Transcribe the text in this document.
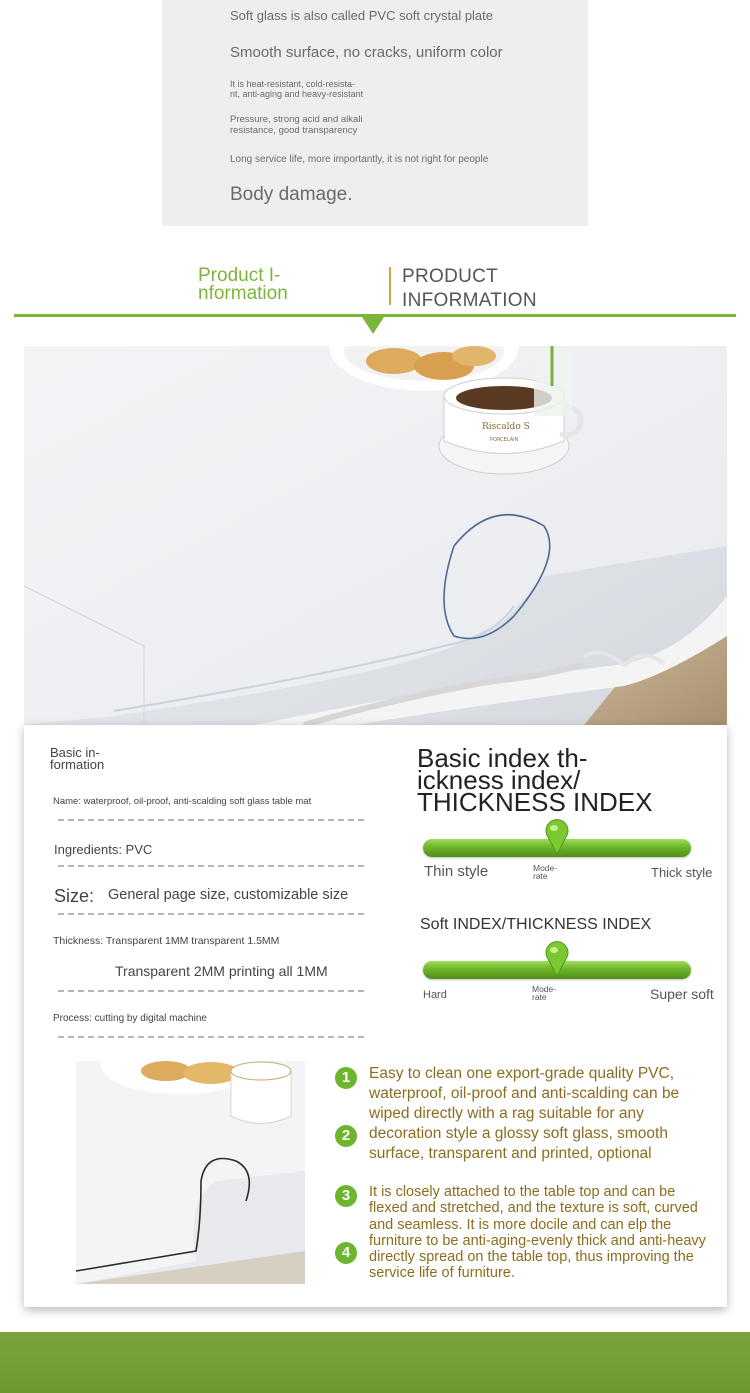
Soft glass is also called PVC soft crystal plate
Smooth surface, no cracks, uniform color
It is heat-resistant, cold-resista-
nt, anti-aging and heavy-resistant
Pressure, strong acid and alkali
resistance, good transparency
Long service life, more importantly, it is not right for people
Body damage.
Product I-nformation
PRODUCT
INFORMATION
Riscaldo S
PORCELAIN
Basic in-formation
Name: waterproof, oil-proof, anti-scalding soft glass table mat
Ingredients: PVC
Size: General page size, customizable size
Thickness: Transparent 1MM transparent 1.5MM
Transparent 2MM printing all 1MM
Process: cutting by digital machine
Basic index th-
ickness index/
THICKNESS INDEX
Thin style	Mode-
rate	Thick style
Soft INDEX/THICKNESS INDEX
Hard	Mode-
rate	Super soft
1
2
Easy to clean one export-grade quality PVC, waterproof, oil-proof and anti-scalding can be wiped directly with a rag suitable for any decoration style a glossy soft glass, smooth surface, transparent and printed, optional
3
4
It is closely attached to the table top and can be flexed and stretched, and the texture is soft, curved and seamless. It is more docile and can elp the furniture to be anti-aging-evenly thick and anti-heavy directly spread on the table top, thus improving the service life of furniture.
